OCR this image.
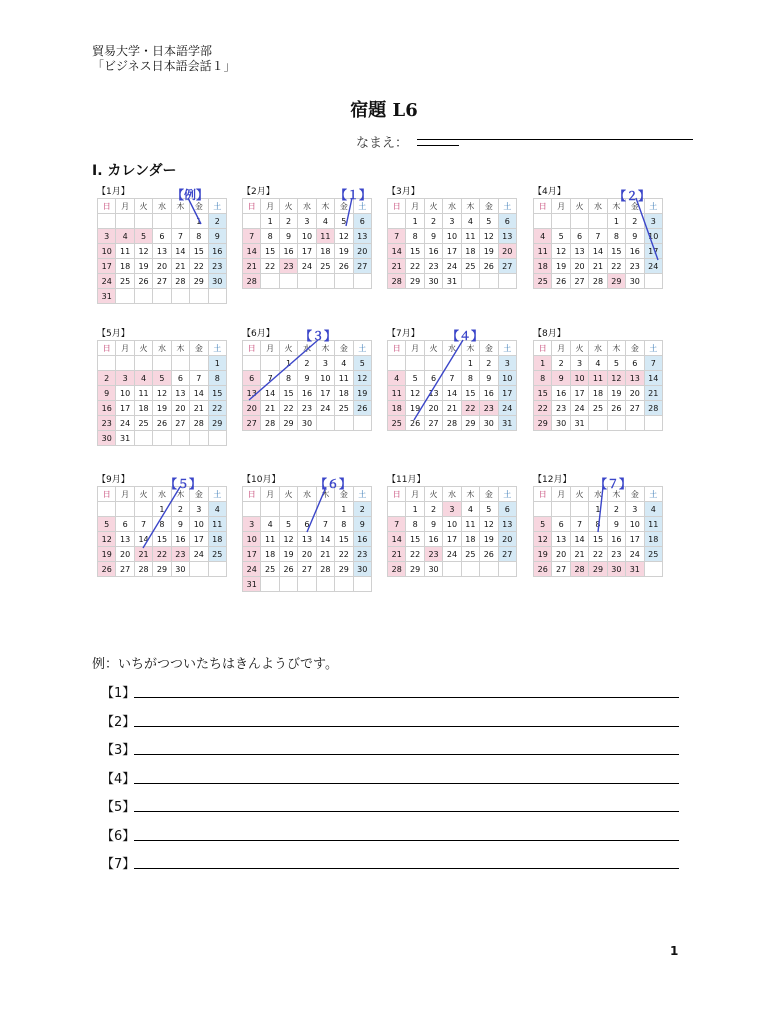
貿易大学・日本語学部
「ビジネス日本語会話１」
宿題 L6
なまえ：
I. カレンダー
【1月】
日	月	火	水	木	金	土
					1	2
3	4	5	6	7	8	9
10	11	12	13	14	15	16
17	18	19	20	21	22	23
24	25	26	27	28	29	30
31						
【2月】
日	月	火	水	木	金	土
	1	2	3	4	5	6
7	8	9	10	11	12	13
14	15	16	17	18	19	20
21	22	23	24	25	26	27
28						
【3月】
日	月	火	水	木	金	土
	1	2	3	4	5	6
7	8	9	10	11	12	13
14	15	16	17	18	19	20
21	22	23	24	25	26	27
28	29	30	31			
【4月】
日	月	火	水	木	金	土
				1	2	3
4	5	6	7	8	9	10
11	12	13	14	15	16	17
18	19	20	21	22	23	24
25	26	27	28	29	30	
【5月】
日	月	火	水	木	金	土
						1
2	3	4	5	6	7	8
9	10	11	12	13	14	15
16	17	18	19	20	21	22
23	24	25	26	27	28	29
30	31					
【6月】
日	月	火	水	木	金	土
		1	2	3	4	5
6	7	8	9	10	11	12
13	14	15	16	17	18	19
20	21	22	23	24	25	26
27	28	29	30			
【7月】
日	月	火	水	木	金	土
				1	2	3
4	5	6	7	8	9	10
11	12	13	14	15	16	17
18	19	20	21	22	23	24
25	26	27	28	29	30	31
【8月】
日	月	火	水	木	金	土
1	2	3	4	5	6	7
8	9	10	11	12	13	14
15	16	17	18	19	20	21
22	23	24	25	26	27	28
29	30	31				
【9月】
日	月	火	水	木	金	土
			1	2	3	4
5	6	7	8	9	10	11
12	13	14	15	16	17	18
19	20	21	22	23	24	25
26	27	28	29	30		
【10月】
日	月	火	水	木	金	土
					1	2
3	4	5	6	7	8	9
10	11	12	13	14	15	16
17	18	19	20	21	22	23
24	25	26	27	28	29	30
31						
【11月】
日	月	火	水	木	金	土
	1	2	3	4	5	6
7	8	9	10	11	12	13
14	15	16	17	18	19	20
21	22	23	24	25	26	27
28	29	30				
【12月】
日	月	火	水	木	金	土
			1	2	3	4
5	6	7	8	9	10	11
12	13	14	15	16	17	18
19	20	21	22	23	24	25
26	27	28	29	30	31	
【例】	【１】	【２】
【３】	【４】
【５】	【６】	【７】
例：いちがつついたちはきんようびです。
【1】
【2】
【3】
【4】
【5】
【6】
【7】
1
